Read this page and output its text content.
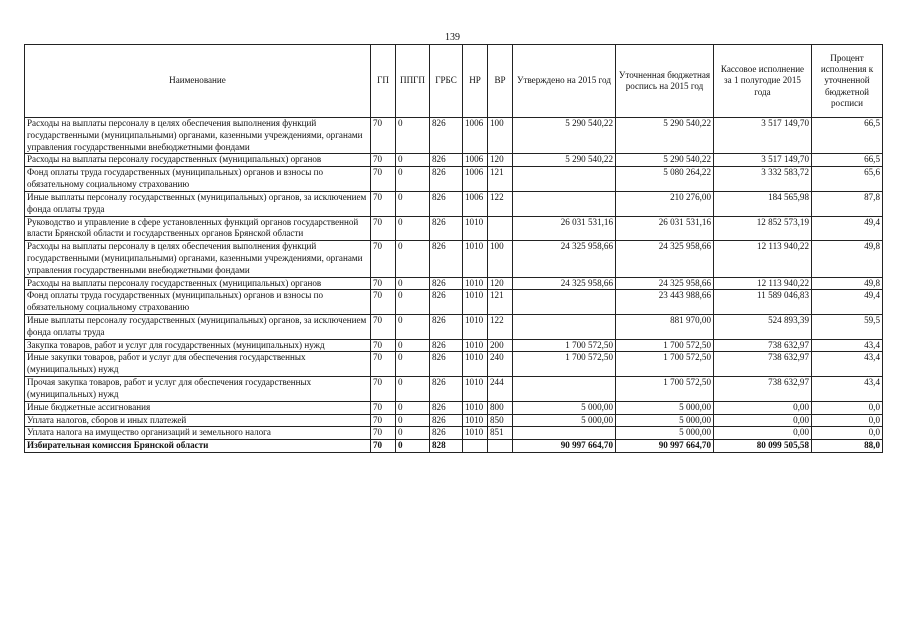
139
Наименование	ГП	ППГП	ГРБС	НР	ВР	Утверждено на 2015 год	Уточненная бюджетная роспись на 2015 год	Кассовое исполнение за 1 полугодие 2015 года	Процент исполнения к уточненной бюджетной росписи
Расходы на выплаты персоналу в целях обеспечения выполнения функций государственными (муниципальными) органами, казенными учреждениями, органами управления государственными внебюджетными фондами	70	0	826	1006	100	5 290 540,22	5 290 540,22	3 517 149,70	66,5
Расходы на выплаты персоналу государственных (муниципальных) органов	70	0	826	1006	120	5 290 540,22	5 290 540,22	3 517 149,70	66,5
Фонд оплаты труда государственных (муниципальных) органов и взносы по обязательному социальному страхованию	70	0	826	1006	121		5 080 264,22	3 332 583,72	65,6
Иные выплаты персоналу государственных (муниципальных) органов, за исключением фонда оплаты труда	70	0	826	1006	122		210 276,00	184 565,98	87,8
Руководство и управление в сфере установленных функций органов государственной власти Брянской области и государственных органов Брянской области	70	0	826	1010		26 031 531,16	26 031 531,16	12 852 573,19	49,4
Расходы на выплаты персоналу в целях обеспечения выполнения функций государственными (муниципальными) органами, казенными учреждениями, органами управления государственными внебюджетными фондами	70	0	826	1010	100	24 325 958,66	24 325 958,66	12 113 940,22	49,8
Расходы на выплаты персоналу государственных (муниципальных) органов	70	0	826	1010	120	24 325 958,66	24 325 958,66	12 113 940,22	49,8
Фонд оплаты труда государственных (муниципальных) органов и взносы по обязательному социальному страхованию	70	0	826	1010	121		23 443 988,66	11 589 046,83	49,4
Иные выплаты персоналу государственных (муниципальных) органов, за исключением фонда оплаты труда	70	0	826	1010	122		881 970,00	524 893,39	59,5
Закупка товаров, работ и услуг для государственных (муниципальных) нужд	70	0	826	1010	200	1 700 572,50	1 700 572,50	738 632,97	43,4
Иные закупки товаров, работ и услуг для обеспечения государственных (муниципальных) нужд	70	0	826	1010	240	1 700 572,50	1 700 572,50	738 632,97	43,4
Прочая закупка товаров, работ и услуг для обеспечения государственных (муниципальных) нужд	70	0	826	1010	244		1 700 572,50	738 632,97	43,4
Иные бюджетные ассигнования	70	0	826	1010	800	5 000,00	5 000,00	0,00	0,0
Уплата налогов, сборов и иных платежей	70	0	826	1010	850	5 000,00	5 000,00	0,00	0,0
Уплата налога на имущество организаций и земельного налога	70	0	826	1010	851		5 000,00	0,00	0,0
Избирательная комиссия Брянской области	70	0	828			90 997 664,70	90 997 664,70	80 099 505,58	88,0
